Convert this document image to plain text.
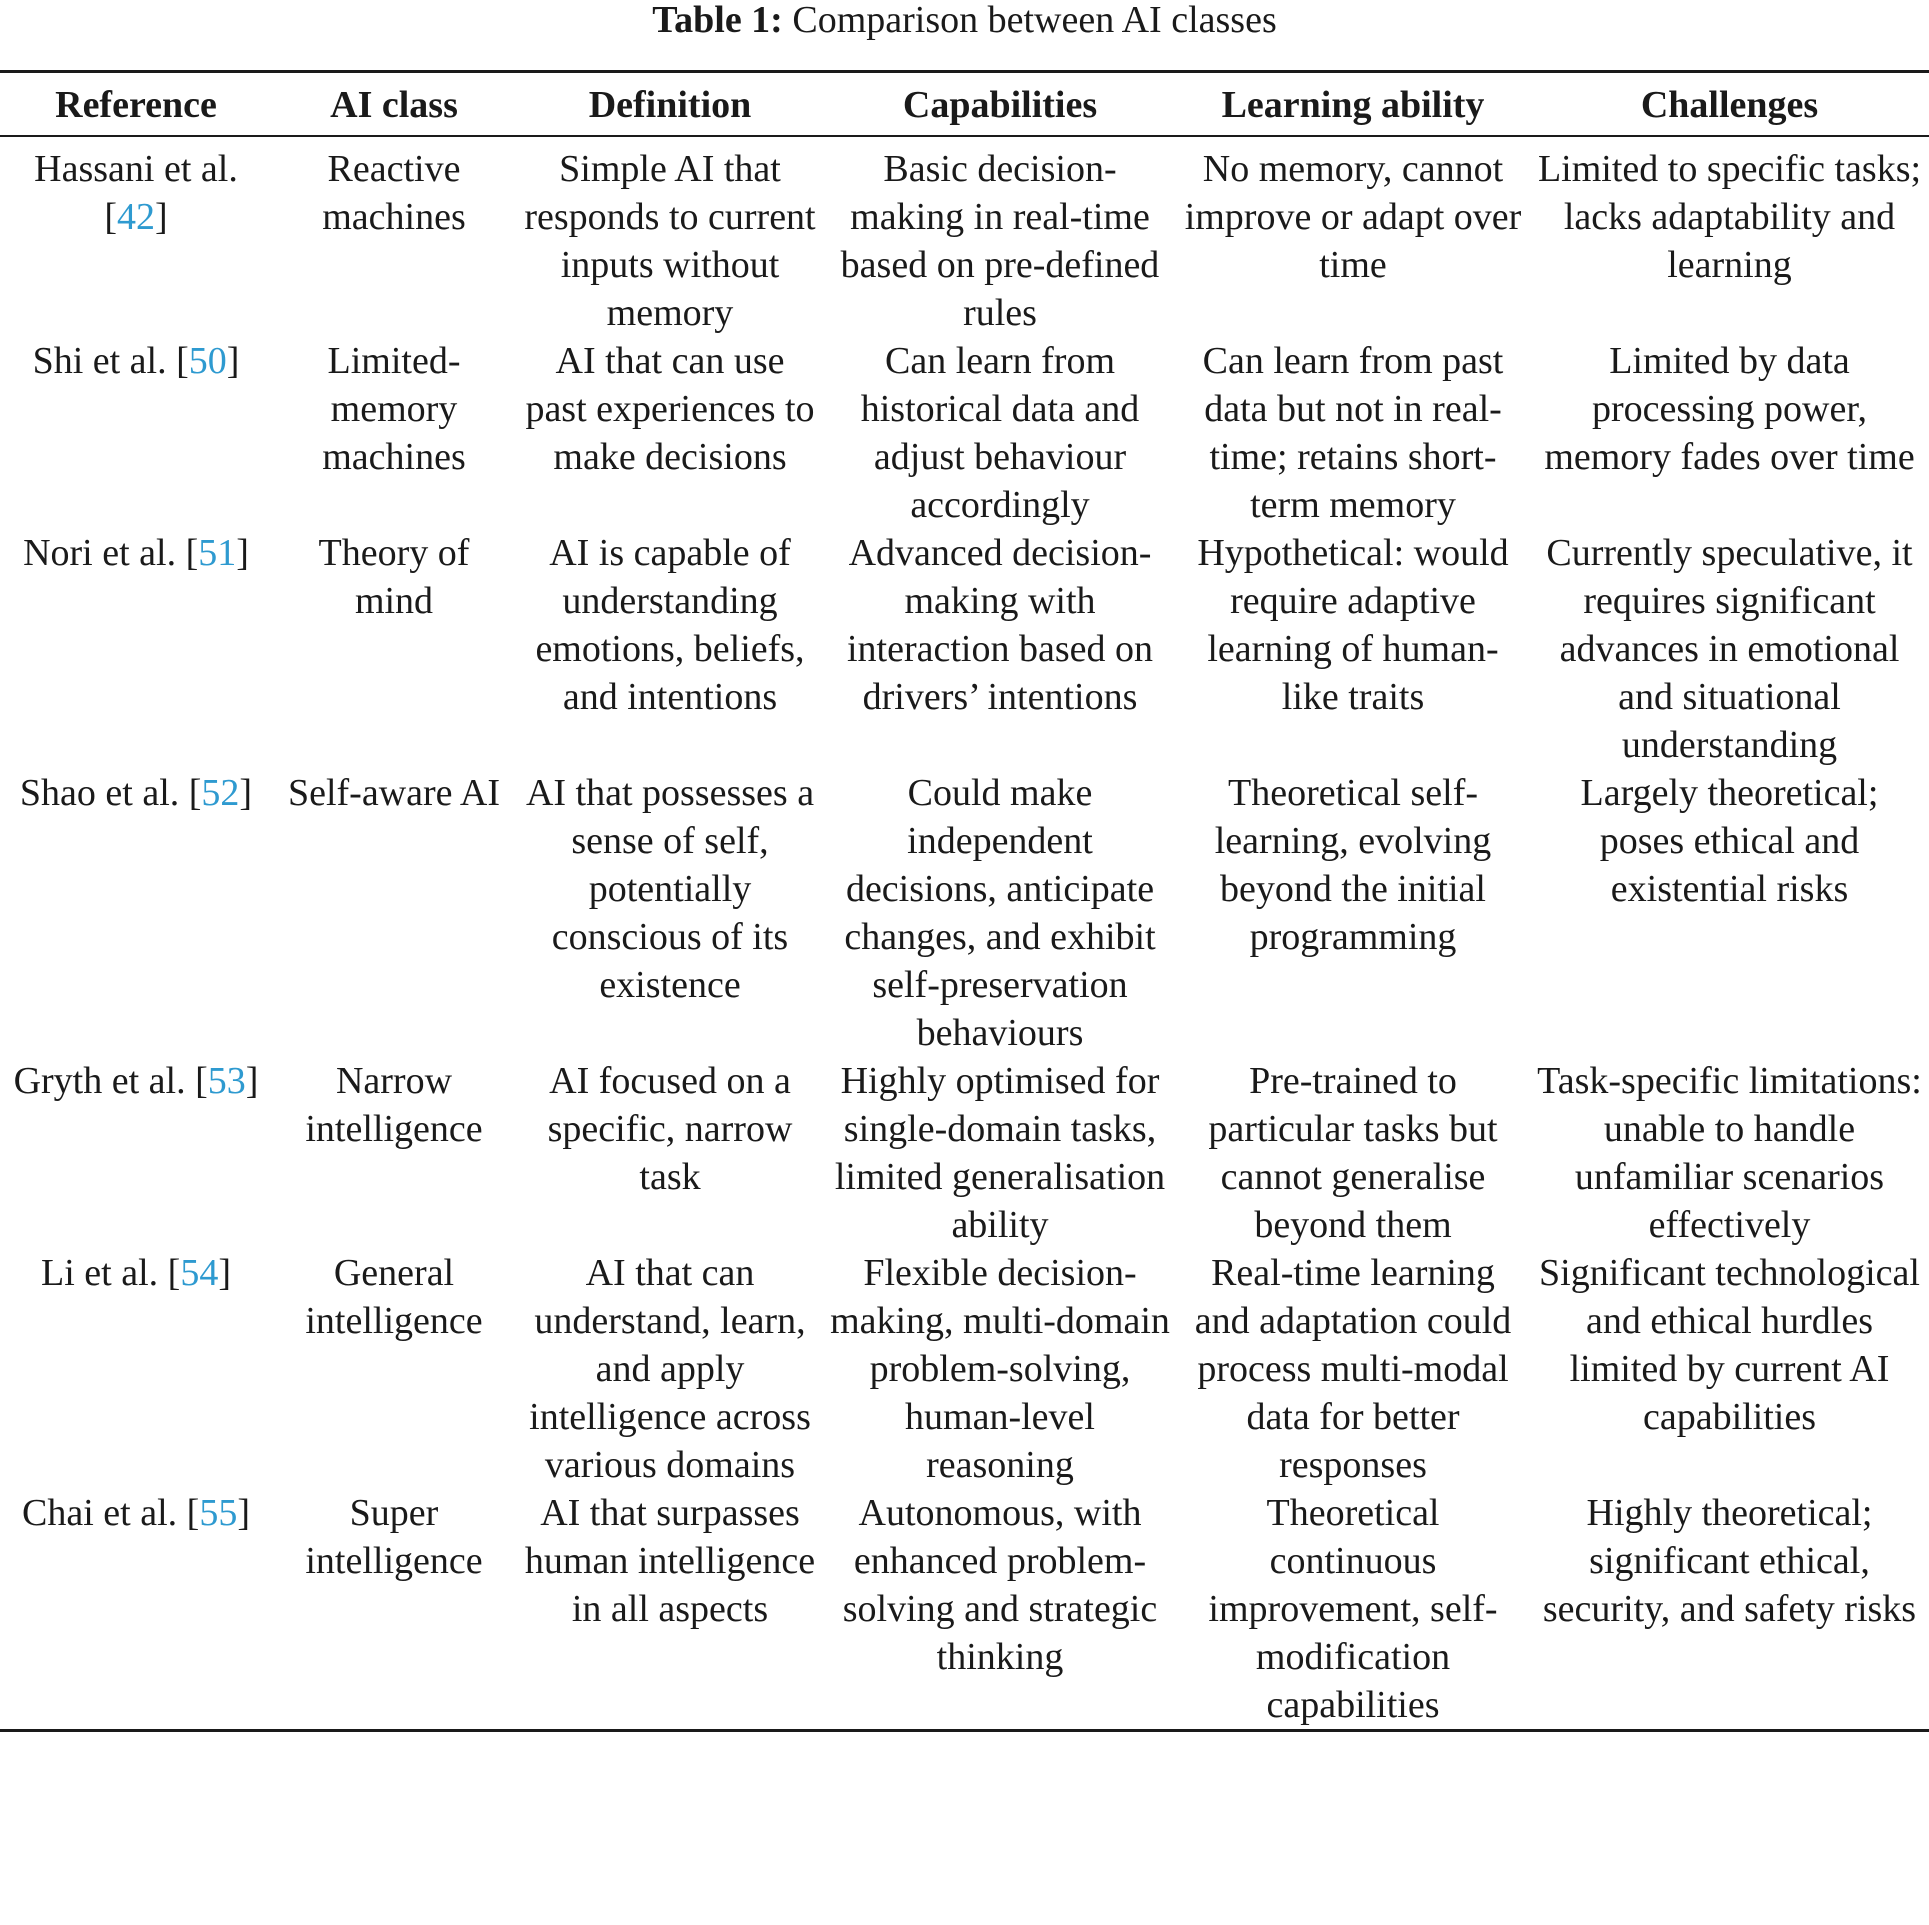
Table 1: Comparison between AI classes
Reference	AI class	Definition	Capabilities	Learning ability	Challenges
Hassani et al. [42]	Reactive machines	Simple AI that responds to current inputs without memory	Basic decision-making in real-time based on pre-defined rules	No memory, cannot improve or adapt over time	Limited to specific tasks; lacks adaptability and learning
Shi et al. [50]	Limited-memory machines	AI that can use past experiences to make decisions	Can learn from historical data and adjust behaviour accordingly	Can learn from past data but not in real-time; retains short-term memory	Limited by data processing power, memory fades over time
Nori et al. [51]	Theory of mind	AI is capable of understanding emotions, beliefs, and intentions	Advanced decision-making with interaction based on drivers’ intentions	Hypothetical: would require adaptive learning of human-like traits	Currently speculative, it requires significant advances in emotional and situational understanding
Shao et al. [52]	Self-aware AI	AI that possesses a sense of self, potentially conscious of its existence	Could make independent decisions, anticipate changes, and exhibit self-preservation behaviours	Theoretical self-learning, evolving beyond the initial programming	Largely theoretical; poses ethical and existential risks
Gryth et al. [53]	Narrow intelligence	AI focused on a specific, narrow task	Highly optimised for single-domain tasks, limited generalisation ability	Pre-trained to particular tasks but cannot generalise beyond them	Task-specific limitations: unable to handle unfamiliar scenarios effectively
Li et al. [54]	General intelligence	AI that can understand, learn, and apply intelligence across various domains	Flexible decision-making, multi-domain problem-solving, human-level reasoning	Real-time learning and adaptation could process multi-modal data for better responses	Significant technological and ethical hurdles limited by current AI capabilities
Chai et al. [55]	Super intelligence	AI that surpasses human intelligence in all aspects	Autonomous, with enhanced problem-solving and strategic thinking	Theoretical continuous improvement, self-modification capabilities	Highly theoretical; significant ethical, security, and safety risks
